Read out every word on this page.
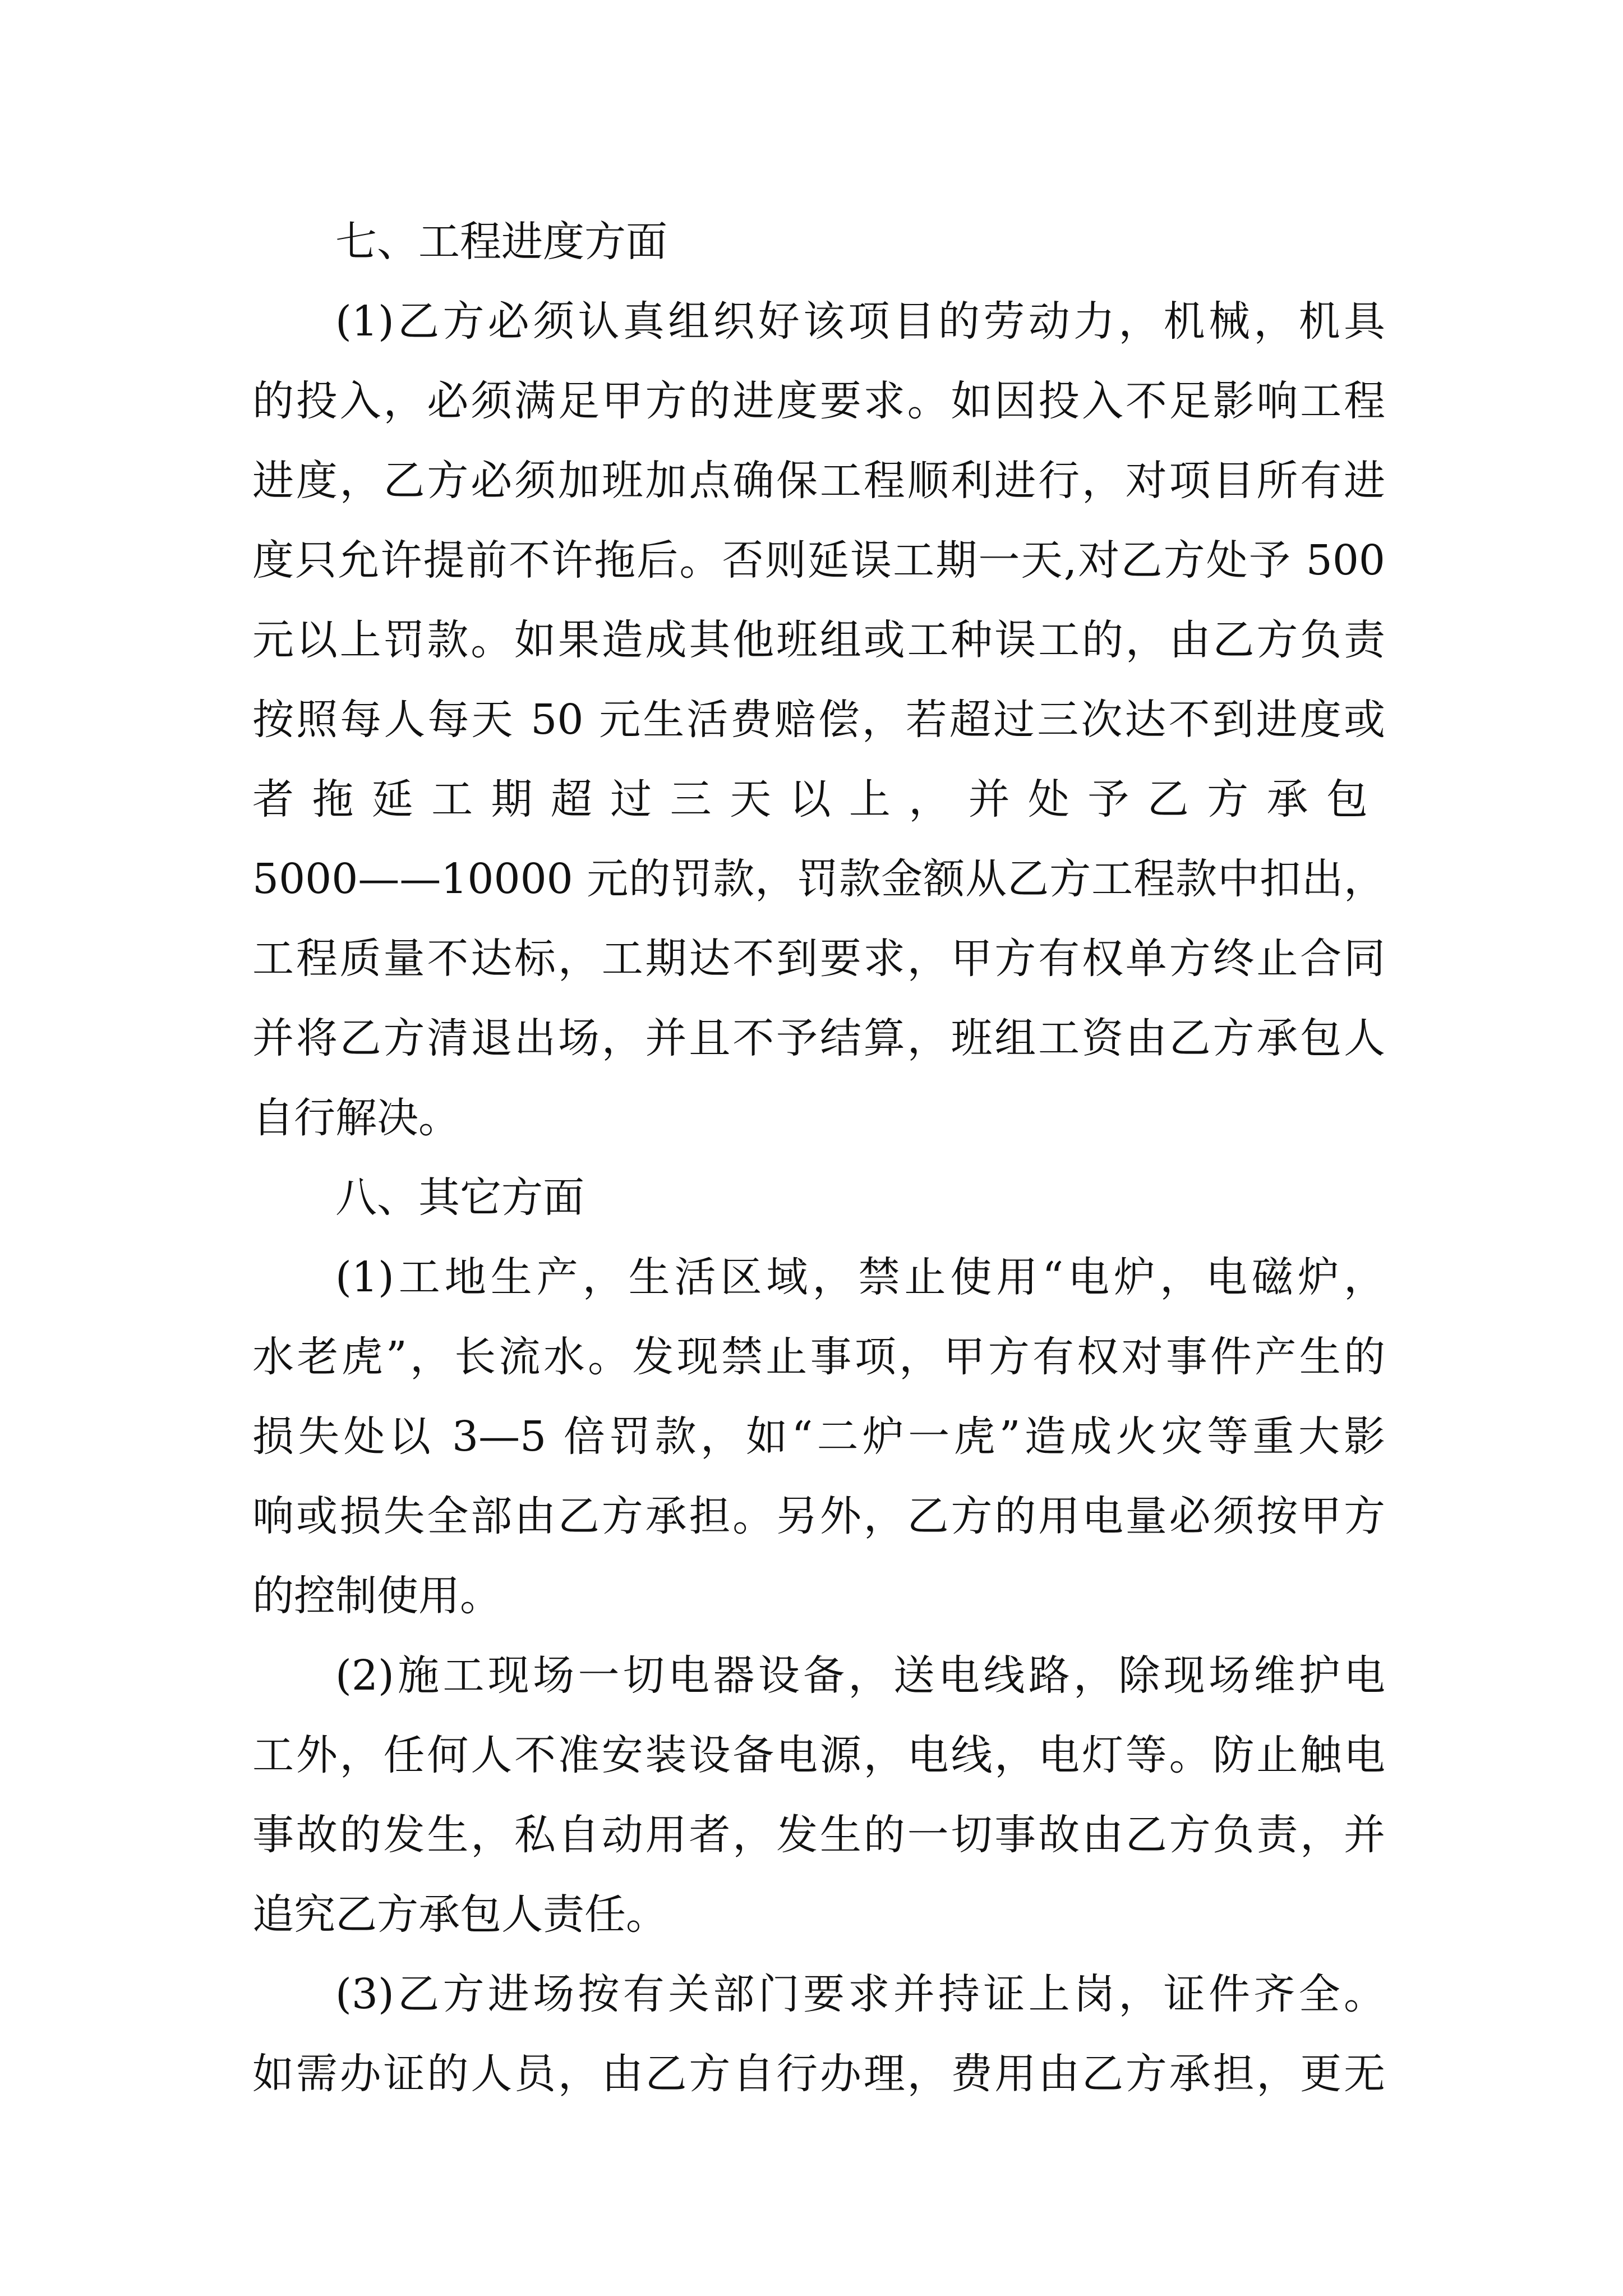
七、工程进度方面
(1)乙方必须认真组织好该项目的劳动力，机械，机具
的投入，必须满足甲方的进度要求。如因投入不足影响工程
进度，乙方必须加班加点确保工程顺利进行，对项目所有进
度只允许提前不许拖后。否则延误工期一天,对乙方处予 500
元以上罚款。如果造成其他班组或工种误工的，由乙方负责
按照每人每天 50 元生活费赔偿，若超过三次达不到进度或
者拖延工期超过三天以上，并处予乙方承包
5000——10000 元的罚款，罚款金额从乙方工程款中扣出，
工程质量不达标，工期达不到要求，甲方有权单方终止合同
并将乙方清退出场，并且不予结算，班组工资由乙方承包人
自行解决。
八、其它方面
(1)工地生产，生活区域，禁止使用“电炉，电磁炉，
水老虎”，长流水。发现禁止事项，甲方有权对事件产生的
损失处以 3—5 倍罚款，如“二炉一虎”造成火灾等重大影
响或损失全部由乙方承担。另外，乙方的用电量必须按甲方
的控制使用。
(2)施工现场一切电器设备，送电线路，除现场维护电
工外，任何人不准安装设备电源，电线，电灯等。防止触电
事故的发生，私自动用者，发生的一切事故由乙方负责，并
追究乙方承包人责任。
(3)乙方进场按有关部门要求并持证上岗，证件齐全。
如需办证的人员，由乙方自行办理，费用由乙方承担，更无
